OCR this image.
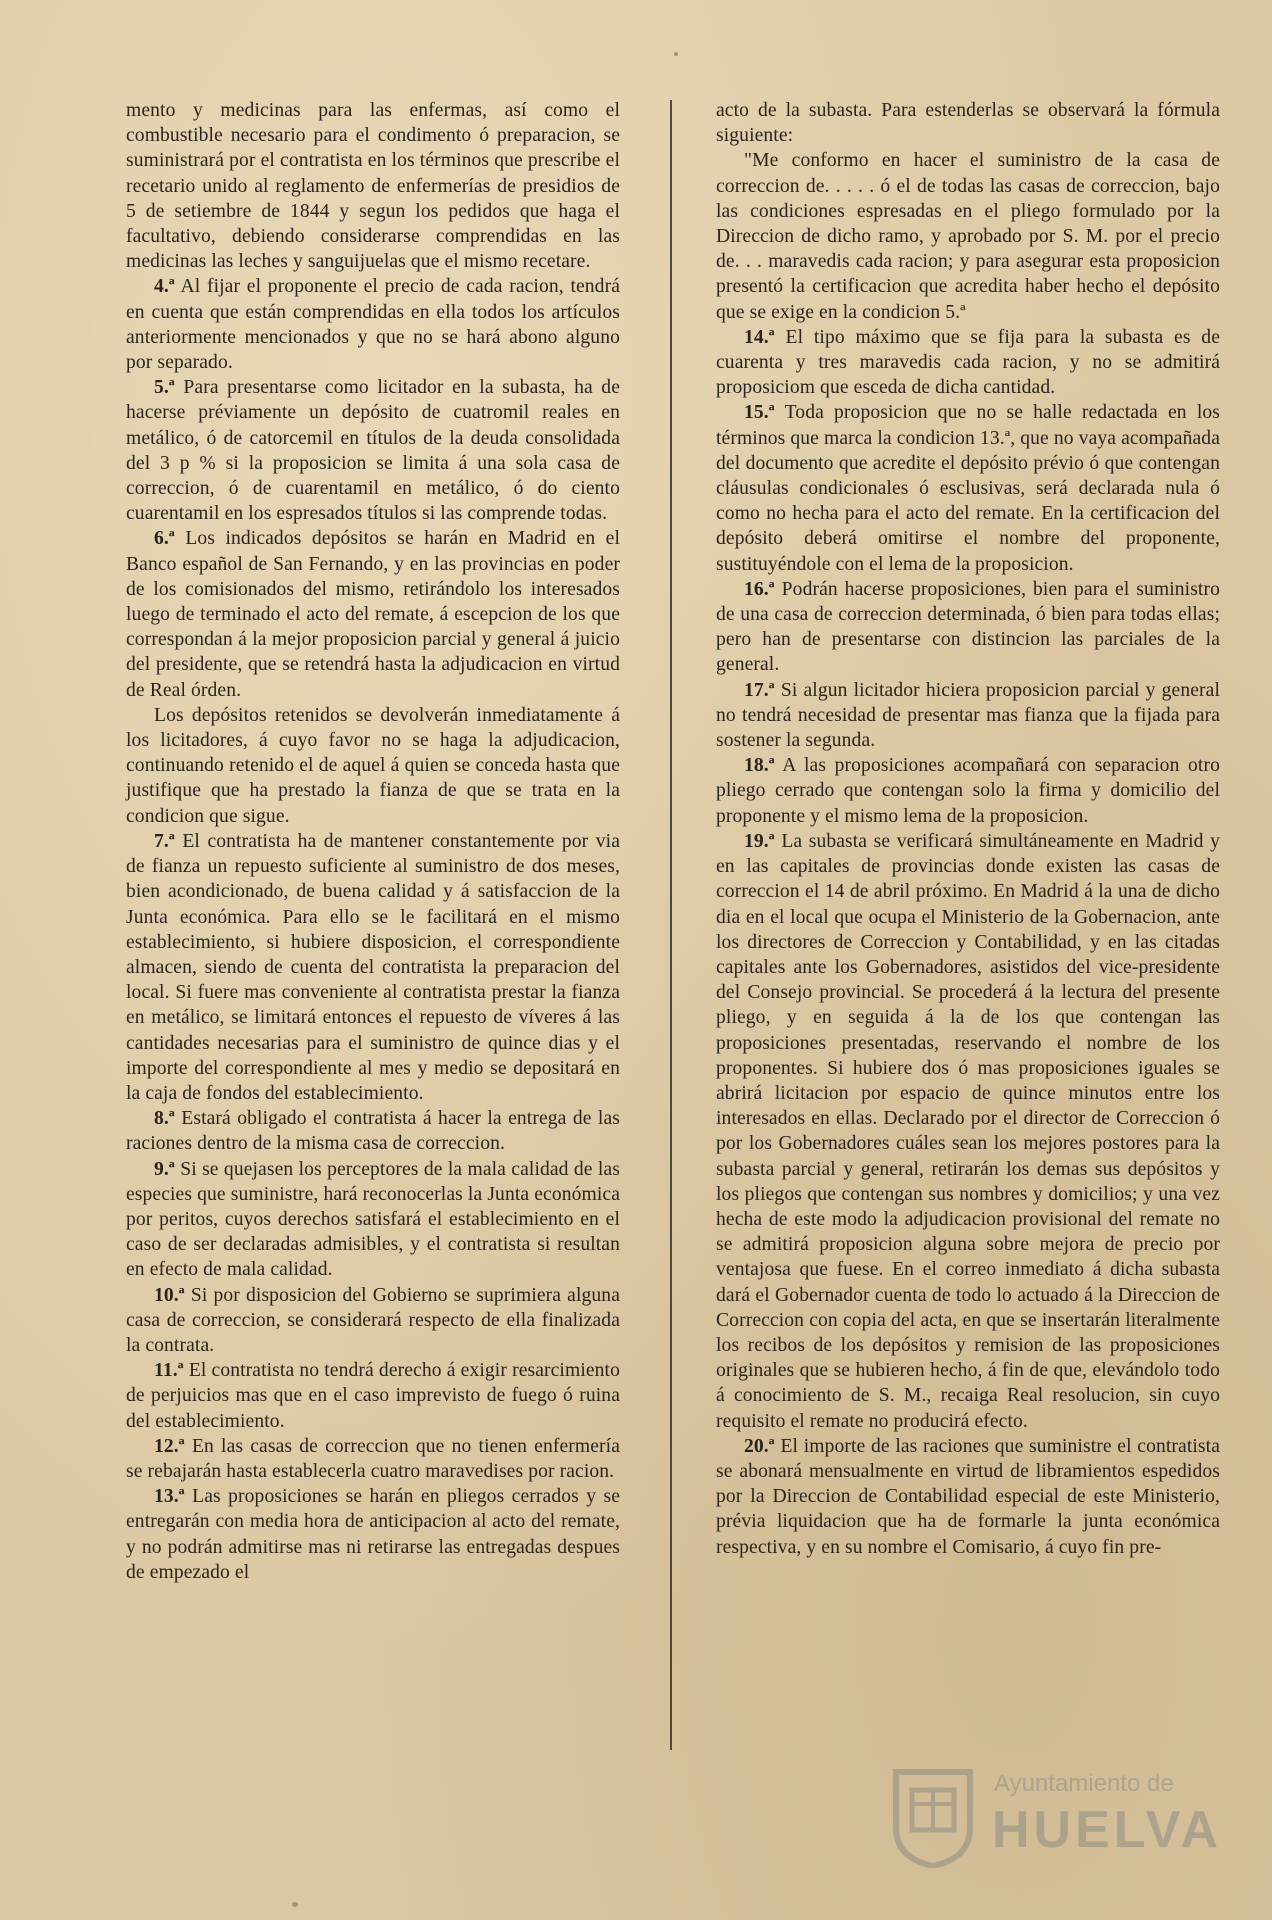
mento y medicinas para las enfermas, así como el combustible necesario para el condimento ó preparacion, se suministrará por el contratista en los términos que prescribe el recetario unido al reglamento de enfermerías de presidios de 5 de setiembre de 1844 y segun los pedidos que haga el facultativo, debiendo considerarse comprendidas en las medicinas las leches y sanguijuelas que el mismo recetare.

4.ª Al fijar el proponente el precio de cada racion, tendrá en cuenta que están comprendidas en ella todos los artículos anteriormente mencionados y que no se hará abono alguno por separado.

5.ª Para presentarse como licitador en la subasta, ha de hacerse préviamente un depósito de cuatromil reales en metálico, ó de catorcemil en títulos de la deuda consolidada del 3 p % si la proposicion se limita á una sola casa de correccion, ó de cuarentamil en metálico, ó do ciento cuarentamil en los espresados títulos si las comprende todas.

6.ª Los indicados depósitos se harán en Madrid en el Banco español de San Fernando, y en las provincias en poder de los comisionados del mismo, retirándolo los interesados luego de terminado el acto del remate, á escepcion de los que correspondan á la mejor proposicion parcial y general á juicio del presidente, que se retendrá hasta la adjudicacion en virtud de Real órden.

Los depósitos retenidos se devolverán inmediatamente á los licitadores, á cuyo favor no se haga la adjudicacion, continuando retenido el de aquel á quien se conceda hasta que justifique que ha prestado la fianza de que se trata en la condicion que sigue.

7.ª El contratista ha de mantener constantemente por via de fianza un repuesto suficiente al suministro de dos meses, bien acondicionado, de buena calidad y á satisfaccion de la Junta económica. Para ello se le facilitará en el mismo establecimiento, si hubiere disposicion, el correspondiente almacen, siendo de cuenta del contratista la preparacion del local. Si fuere mas conveniente al contratista prestar la fianza en metálico, se limitará entonces el repuesto de víveres á las cantidades necesarias para el suministro de quince dias y el importe del correspondiente al mes y medio se depositará en la caja de fondos del establecimiento.

8.ª Estará obligado el contratista á hacer la entrega de las raciones dentro de la misma casa de correccion.

9.ª Si se quejasen los perceptores de la mala calidad de las especies que suministre, hará reconocerlas la Junta económica por peritos, cuyos derechos satisfará el establecimiento en el caso de ser declaradas admisibles, y el contratista si resultan en efecto de mala calidad.

10.ª Si por disposicion del Gobierno se suprimiera alguna casa de correccion, se considerará respecto de ella finalizada la contrata.

11.ª El contratista no tendrá derecho á exigir resarcimiento de perjuicios mas que en el caso imprevisto de fuego ó ruina del establecimiento.

12.ª En las casas de correccion que no tienen enfermería se rebajarán hasta establecerla cuatro maravedises por racion.

13.ª Las proposiciones se harán en pliegos cerrados y se entregarán con media hora de anticipacion al acto del remate, y no podrán admitirse mas ni retirarse las entregadas despues de empezado el

acto de la subasta. Para estenderlas se observará la fórmula siguiente:

"Me conformo en hacer el suministro de la casa de correccion de. . . . . ó el de todas las casas de correccion, bajo las condiciones espresadas en el pliego formulado por la Direccion de dicho ramo, y aprobado por S. M. por el precio de. . . maravedis cada racion; y para asegurar esta proposicion presentó la certificacion que acredita haber hecho el depósito que se exige en la condicion 5.ª

14.ª El tipo máximo que se fija para la subasta es de cuarenta y tres maravedis cada racion, y no se admitirá proposiciom que esceda de dicha cantidad.

15.ª Toda proposicion que no se halle redactada en los términos que marca la condicion 13.ª, que no vaya acompañada del documento que acredite el depósito prévio ó que contengan cláusulas condicionales ó esclusivas, será declarada nula ó como no hecha para el acto del remate. En la certificacion del depósito deberá omitirse el nombre del proponente, sustituyéndole con el lema de la proposicion.

16.ª Podrán hacerse proposiciones, bien para el suministro de una casa de correccion determinada, ó bien para todas ellas; pero han de presentarse con distincion las parciales de la general.

17.ª Si algun licitador hiciera proposicion parcial y general no tendrá necesidad de presentar mas fianza que la fijada para sostener la segunda.

18.ª A las proposiciones acompañará con separacion otro pliego cerrado que contengan solo la firma y domicilio del proponente y el mismo lema de la proposicion.

19.ª La subasta se verificará simultáneamente en Madrid y en las capitales de provincias donde existen las casas de correccion el 14 de abril próximo. En Madrid á la una de dicho dia en el local que ocupa el Ministerio de la Gobernacion, ante los directores de Correccion y Contabilidad, y en las citadas capitales ante los Gobernadores, asistidos del vice-presidente del Consejo provincial. Se procederá á la lectura del presente pliego, y en seguida á la de los que contengan las proposiciones presentadas, reservando el nombre de los proponentes. Si hubiere dos ó mas proposiciones iguales se abrirá licitacion por espacio de quince minutos entre los interesados en ellas. Declarado por el director de Correccion ó por los Gobernadores cuáles sean los mejores postores para la subasta parcial y general, retirarán los demas sus depósitos y los pliegos que contengan sus nombres y domicilios; y una vez hecha de este modo la adjudicacion provisional del remate no se admitirá proposicion alguna sobre mejora de precio por ventajosa que fuese. En el correo inmediato á dicha subasta dará el Gobernador cuenta de todo lo actuado á la Direccion de Correccion con copia del acta, en que se insertarán literalmente los recibos de los depósitos y remision de las proposiciones originales que se hubieren hecho, á fin de que, elevándolo todo á conocimiento de S. M., recaiga Real resolucion, sin cuyo requisito el remate no producirá efecto.

20.ª El importe de las raciones que suministre el contratista se abonará mensualmente en virtud de libramientos espedidos por la Direccion de Contabilidad especial de este Ministerio, prévia liquidacion que ha de formarle la junta económica respectiva, y en su nombre el Comisario, á cuyo fin pre-

Ayuntamiento de
HUELVA
